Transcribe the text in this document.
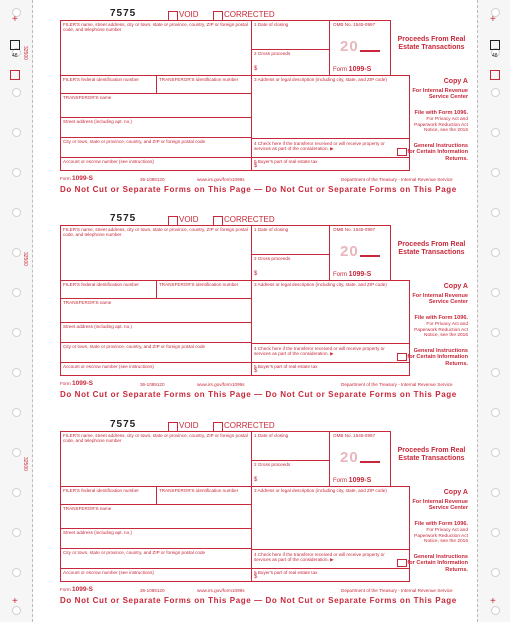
+
48 32500
32500
32500
+
+
48
+
7575	VOID	CORRECTED
FILER'S name, street address, city or town, state or province, country, ZIP or foreign postal code, and telephone number
1 Date of closing
2 Gross proceeds
$
OMB No. 1545-0997
20
Form 1099-S
Proceeds From Real Estate Transactions
FILER'S federal identification number	TRANSFEROR'S identification number
TRANSFEROR'S name
Street address (including apt. no.)
City or town, state or province, country, and ZIP or foreign postal code
Account or escrow number (see instructions)
3 Address or legal description (including city, state, and ZIP code)
4 Check here if the transferor received or will receive property or services as part of the consideration. ▶
5 Buyer's part of real estate tax
$
Copy A
For Internal Revenue Service Center
File with Form 1096.
For Privacy Act and Paperwork Reduction Act Notice, see the 2016
General Instructions for Certain Information Returns.
Form 1099-S	36-1089120	www.irs.gov/form1099s	Department of the Treasury - Internal Revenue Service
Do Not Cut or Separate Forms on This Page — Do Not Cut or Separate Forms on This Page
7575	VOID	CORRECTED
FILER'S name, street address, city or town, state or province, country, ZIP or foreign postal code, and telephone number
1 Date of closing
2 Gross proceeds
$
OMB No. 1545-0997
20
Form 1099-S
Proceeds From Real Estate Transactions
FILER'S federal identification number	TRANSFEROR'S identification number
TRANSFEROR'S name
Street address (including apt. no.)
City or town, state or province, country, and ZIP or foreign postal code
Account or escrow number (see instructions)
3 Address or legal description (including city, state, and ZIP code)
4 Check here if the transferor received or will receive property or services as part of the consideration. ▶
5 Buyer's part of real estate tax
$
Copy A
For Internal Revenue Service Center
File with Form 1096.
For Privacy Act and Paperwork Reduction Act Notice, see the 2016
General Instructions for Certain Information Returns.
Form 1099-S	36-1089120	www.irs.gov/form1099s	Department of the Treasury - Internal Revenue Service
Do Not Cut or Separate Forms on This Page — Do Not Cut or Separate Forms on This Page
7575	VOID	CORRECTED
FILER'S name, street address, city or town, state or province, country, ZIP or foreign postal code, and telephone number
1 Date of closing
2 Gross proceeds
$
OMB No. 1545-0997
20
Form 1099-S
Proceeds From Real Estate Transactions
FILER'S federal identification number	TRANSFEROR'S identification number
TRANSFEROR'S name
Street address (including apt. no.)
City or town, state or province, country, and ZIP or foreign postal code
Account or escrow number (see instructions)
3 Address or legal description (including city, state, and ZIP code)
4 Check here if the transferor received or will receive property or services as part of the consideration. ▶
5 Buyer's part of real estate tax
$
Copy A
For Internal Revenue Service Center
File with Form 1096.
For Privacy Act and Paperwork Reduction Act Notice, see the 2016
General Instructions for Certain Information Returns.
Form 1099-S	36-1089120	www.irs.gov/form1099s	Department of the Treasury - Internal Revenue Service
Do Not Cut or Separate Forms on This Page — Do Not Cut or Separate Forms on This Page
